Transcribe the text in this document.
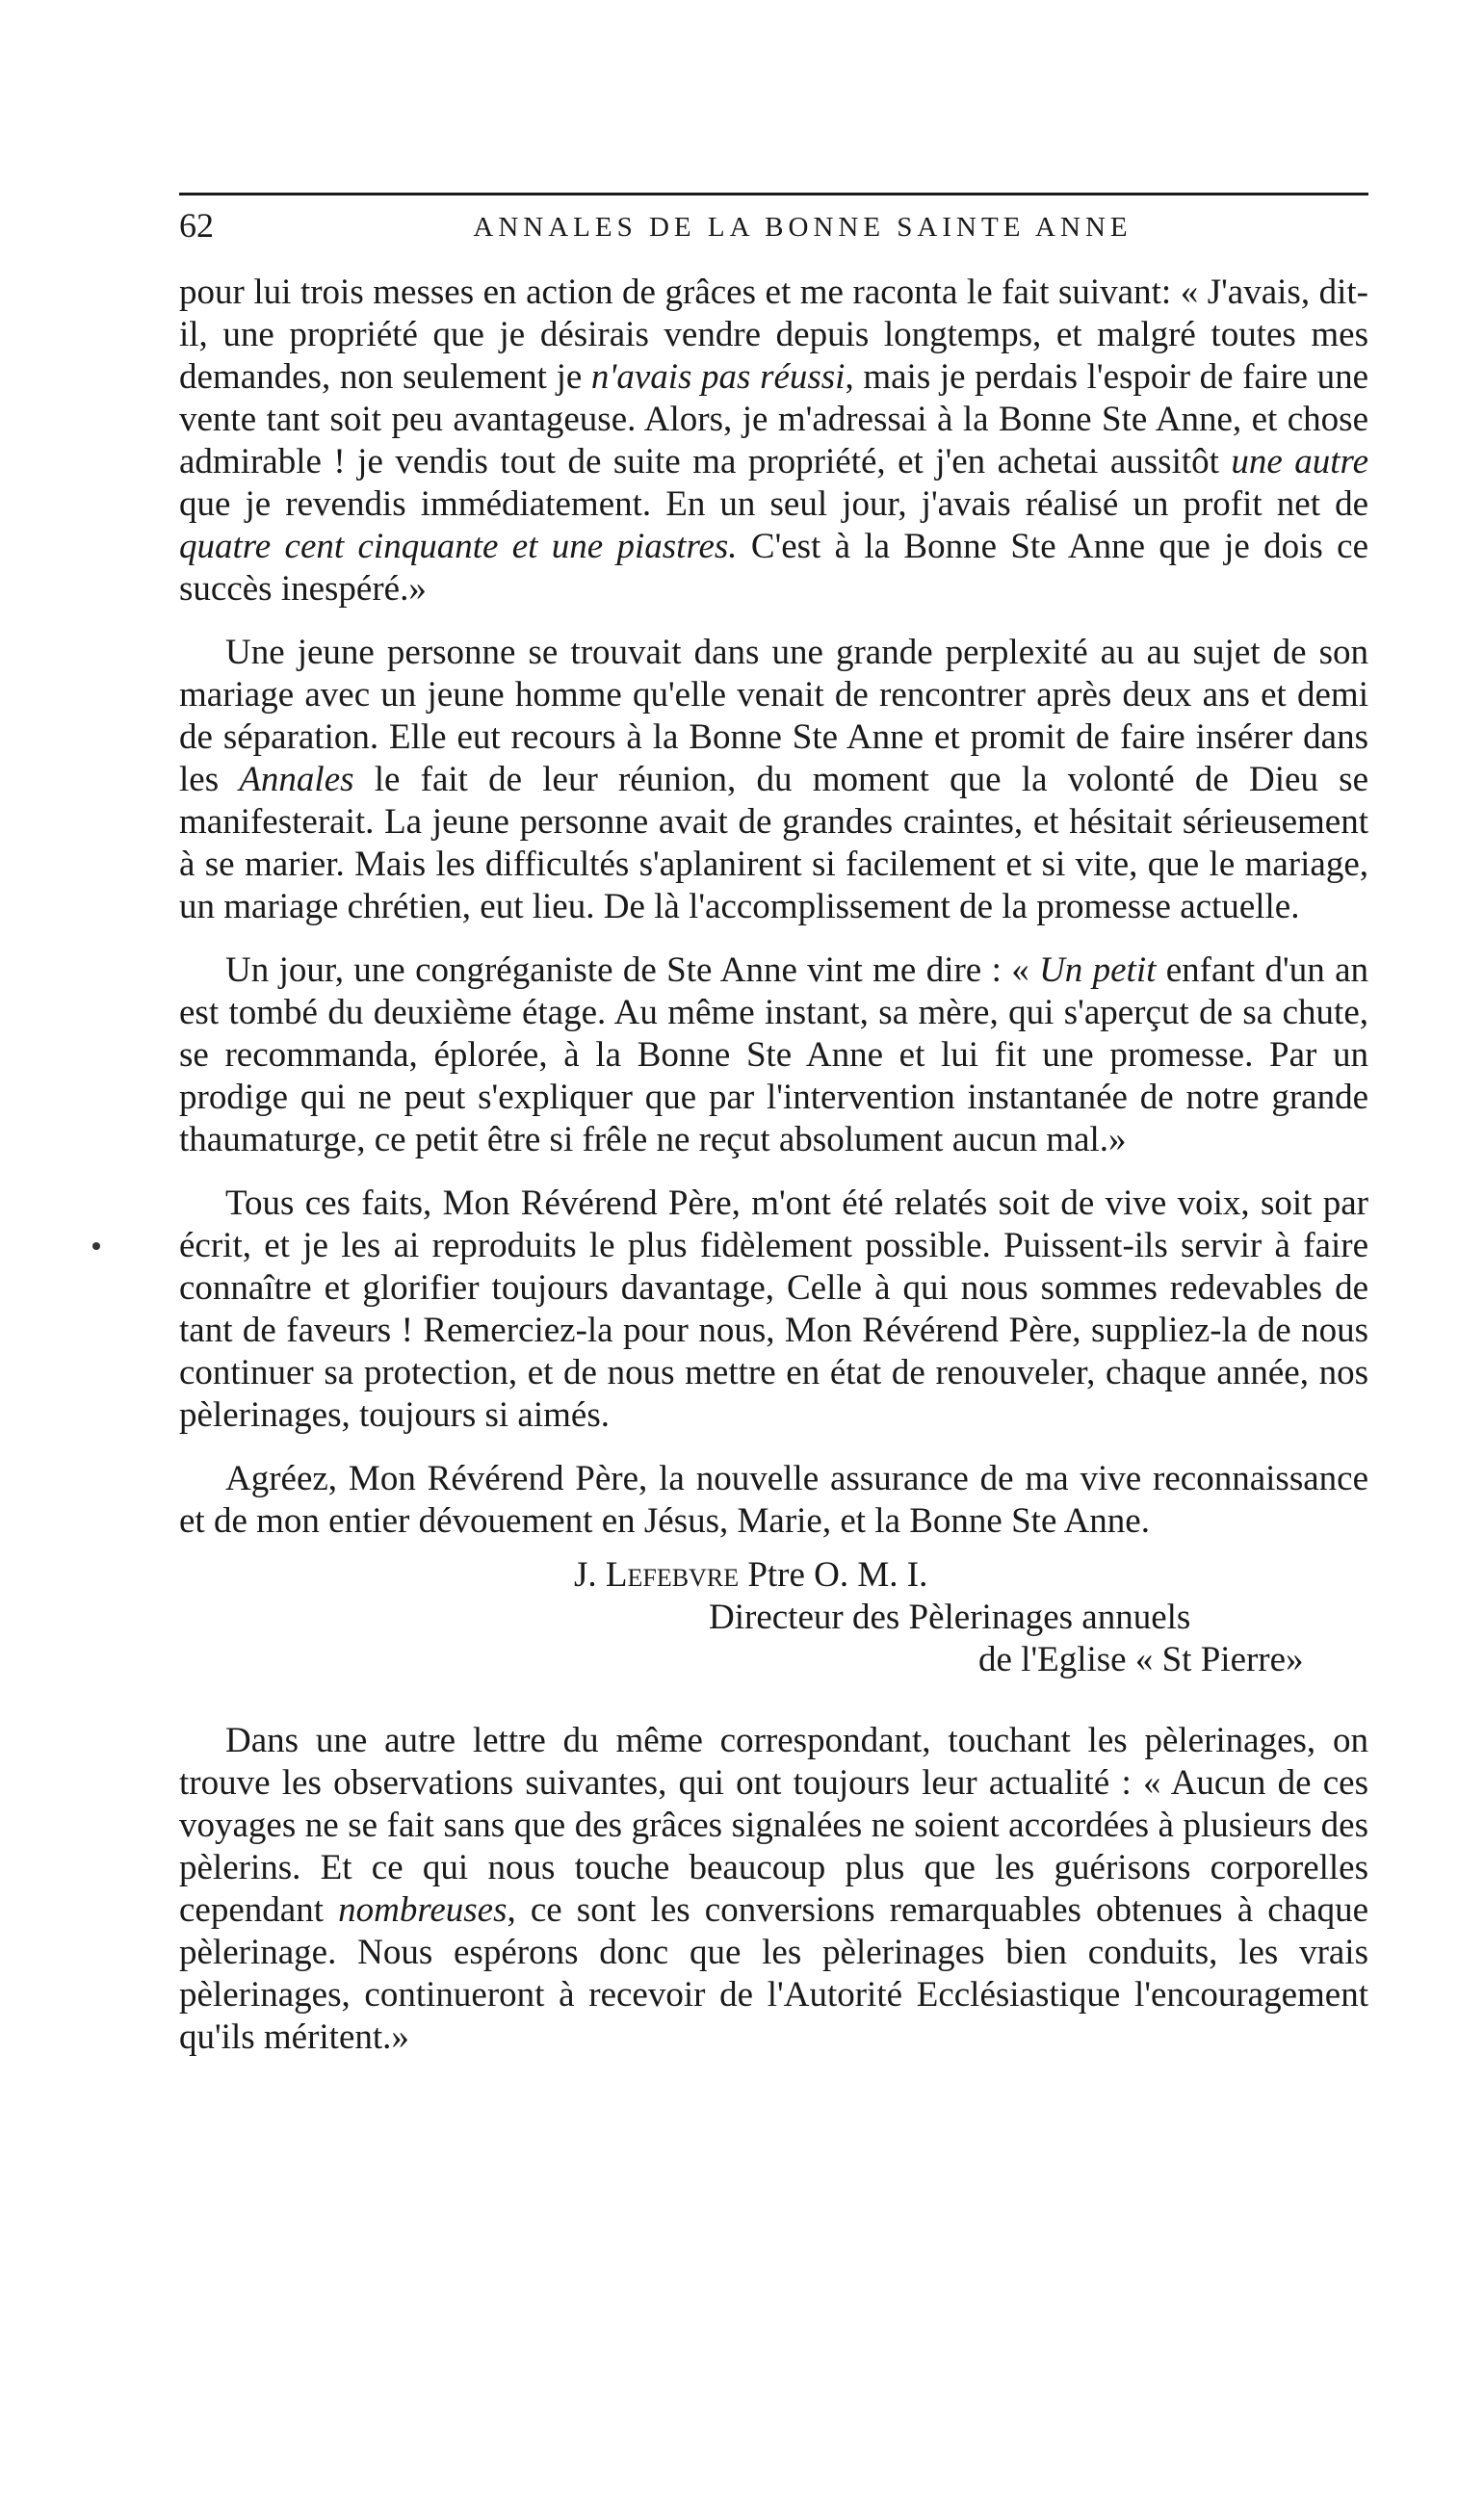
62	ANNALES DE LA BONNE SAINTE ANNE

pour lui trois messes en action de grâces et me raconta le fait suivant: « J'avais, dit-il, une propriété que je désirais vendre depuis longtemps, et malgré toutes mes demandes, non seulement je n'avais pas réussi, mais je perdais l'espoir de faire une vente tant soit peu avantageuse. Alors, je m'adressai à la Bonne Ste Anne, et chose admirable ! je vendis tout de suite ma propriété, et j'en achetai aussitôt une autre que je revendis immédiatement. En un seul jour, j'avais réalisé un profit net de quatre cent cinquante et une piastres. C'est à la Bonne Ste Anne que je dois ce succès inespéré.»

Une jeune personne se trouvait dans une grande perplexité au au sujet de son mariage avec un jeune homme qu'elle venait de rencontrer après deux ans et demi de séparation. Elle eut recours à la Bonne Ste Anne et promit de faire insérer dans les Annales le fait de leur réunion, du moment que la volonté de Dieu se manifesterait. La jeune personne avait de grandes craintes, et hésitait sérieusement à se marier. Mais les difficultés s'aplanirent si facilement et si vite, que le mariage, un mariage chrétien, eut lieu. De là l'accomplissement de la promesse actuelle.

Un jour, une congréganiste de Ste Anne vint me dire : « Un petit enfant d'un an est tombé du deuxième étage. Au même instant, sa mère, qui s'aperçut de sa chute, se recommanda, éplorée, à la Bonne Ste Anne et lui fit une promesse. Par un prodige qui ne peut s'expliquer que par l'intervention instantanée de notre grande thaumaturge, ce petit être si frêle ne reçut absolument aucun mal.»

Tous ces faits, Mon Révérend Père, m'ont été relatés soit de vive voix, soit par écrit, et je les ai reproduits le plus fidèlement possible. Puissent-ils servir à faire connaître et glorifier toujours davantage, Celle à qui nous sommes redevables de tant de faveurs ! Remerciez-la pour nous, Mon Révérend Père, suppliez-la de nous continuer sa protection, et de nous mettre en état de renouveler, chaque année, nos pèlerinages, toujours si aimés.

Agréez, Mon Révérend Père, la nouvelle assurance de ma vive reconnaissance et de mon entier dévouement en Jésus, Marie, et la Bonne Ste Anne.

J. Lefebvre Ptre O. M. I.
Directeur des Pèlerinages annuels
de l'Eglise « St Pierre»

Dans une autre lettre du même correspondant, touchant les pèlerinages, on trouve les observations suivantes, qui ont toujours leur actualité : « Aucun de ces voyages ne se fait sans que des grâces signalées ne soient accordées à plusieurs des pèlerins. Et ce qui nous touche beaucoup plus que les guérisons corporelles cependant nombreuses, ce sont les conversions remarquables obtenues à chaque pèlerinage. Nous espérons donc que les pèlerinages bien conduits, les vrais pèlerinages, continueront à recevoir de l'Autorité Ecclésiastique l'encouragement qu'ils méritent.»
